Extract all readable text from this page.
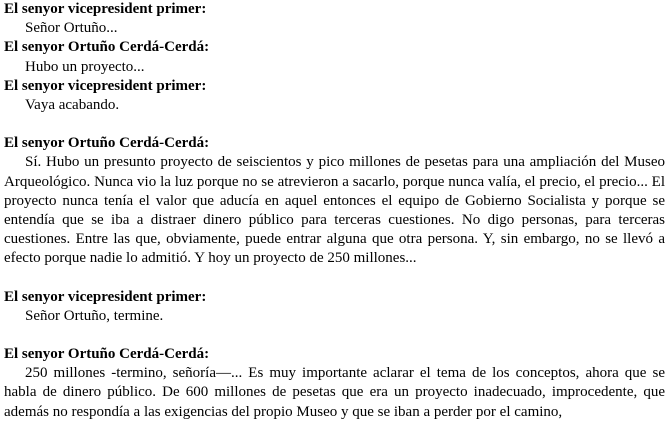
El senyor vicepresident primer:
Señor Ortuño...
El senyor Ortuño Cerdá-Cerdá:
Hubo un proyecto...
El senyor vicepresident primer:
Vaya acabando.
El senyor Ortuño Cerdá-Cerdá:
Sí. Hubo un presunto proyecto de seiscientos y pico millones de pesetas para una ampliación del Museo Arqueológico. Nunca vio la luz porque no se atrevieron a sacarlo, porque nunca valía, el precio, el precio... El proyecto nunca tenía el valor que aducía en aquel entonces el equipo de Gobierno Socialista y porque se entendía que se iba a distraer dinero público para terceras cuestiones. No digo personas, para terceras cuestiones. Entre las que, obviamente, puede entrar alguna que otra persona. Y, sin embargo, no se llevó a efecto porque nadie lo admitió. Y hoy un proyecto de 250 millones...
El senyor vicepresident primer:
Señor Ortuño, termine.
El senyor Ortuño Cerdá-Cerdá:
250 millones -termino, señoría—... Es muy importante aclarar el tema de los conceptos, ahora que se habla de dinero público. De 600 millones de pesetas que era un proyecto inadecuado, improcedente, que además no respondía a las exigencias del propio Museo y que se iban a perder por el camino,
